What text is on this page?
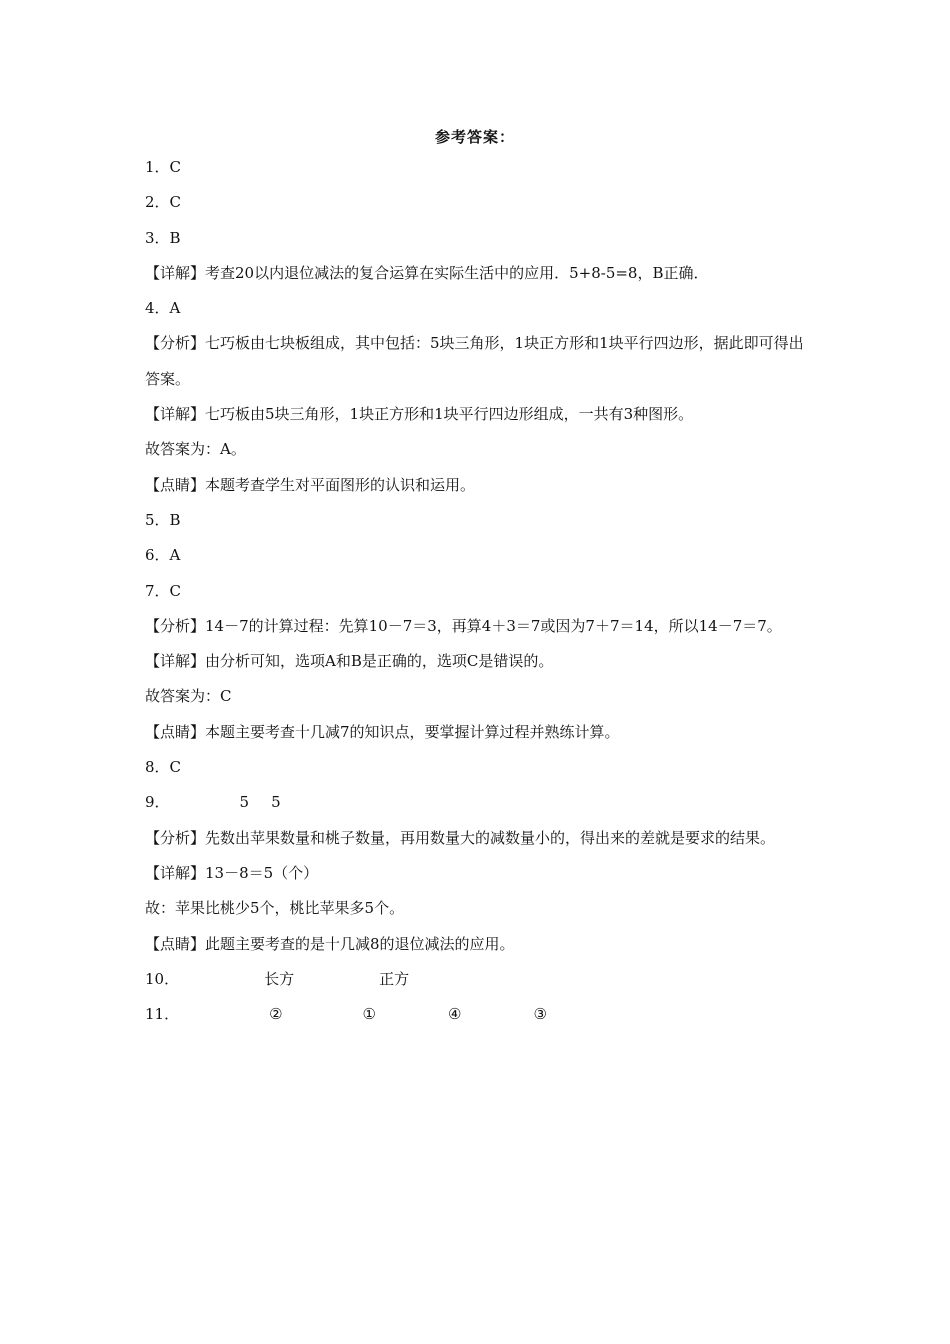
参考答案：
1．C
2．C
3．B
【详解】考查20以内退位减法的复合运算在实际生活中的应用．5+8-5=8，B正确．
4．A
【分析】七巧板由七块板组成，其中包括：5块三角形，1块正方形和1块平行四边形，据此即可得出答案。
【详解】七巧板由5块三角形，1块正方形和1块平行四边形组成，一共有3种图形。
故答案为：A。
【点睛】本题考查学生对平面图形的认识和运用。
5．B
6．A
7．C
【分析】14－7的计算过程：先算10－7＝3，再算4＋3＝7或因为7＋7＝14，所以14－7＝7。
【详解】由分析可知，选项A和B是正确的，选项C是错误的。
故答案为：C
【点睛】本题主要考查十几减7的知识点，要掌握计算过程并熟练计算。
8．C
9．	5 5
【分析】先数出苹果数量和桃子数量，再用数量大的减数量小的，得出来的差就是要求的结果。
【详解】13－8＝5（个）
故：苹果比桃少5个，桃比苹果多5个。
【点睛】此题主要考查的是十几减8的退位减法的应用。
10．	长方	正方
11．	②	①	④	③
